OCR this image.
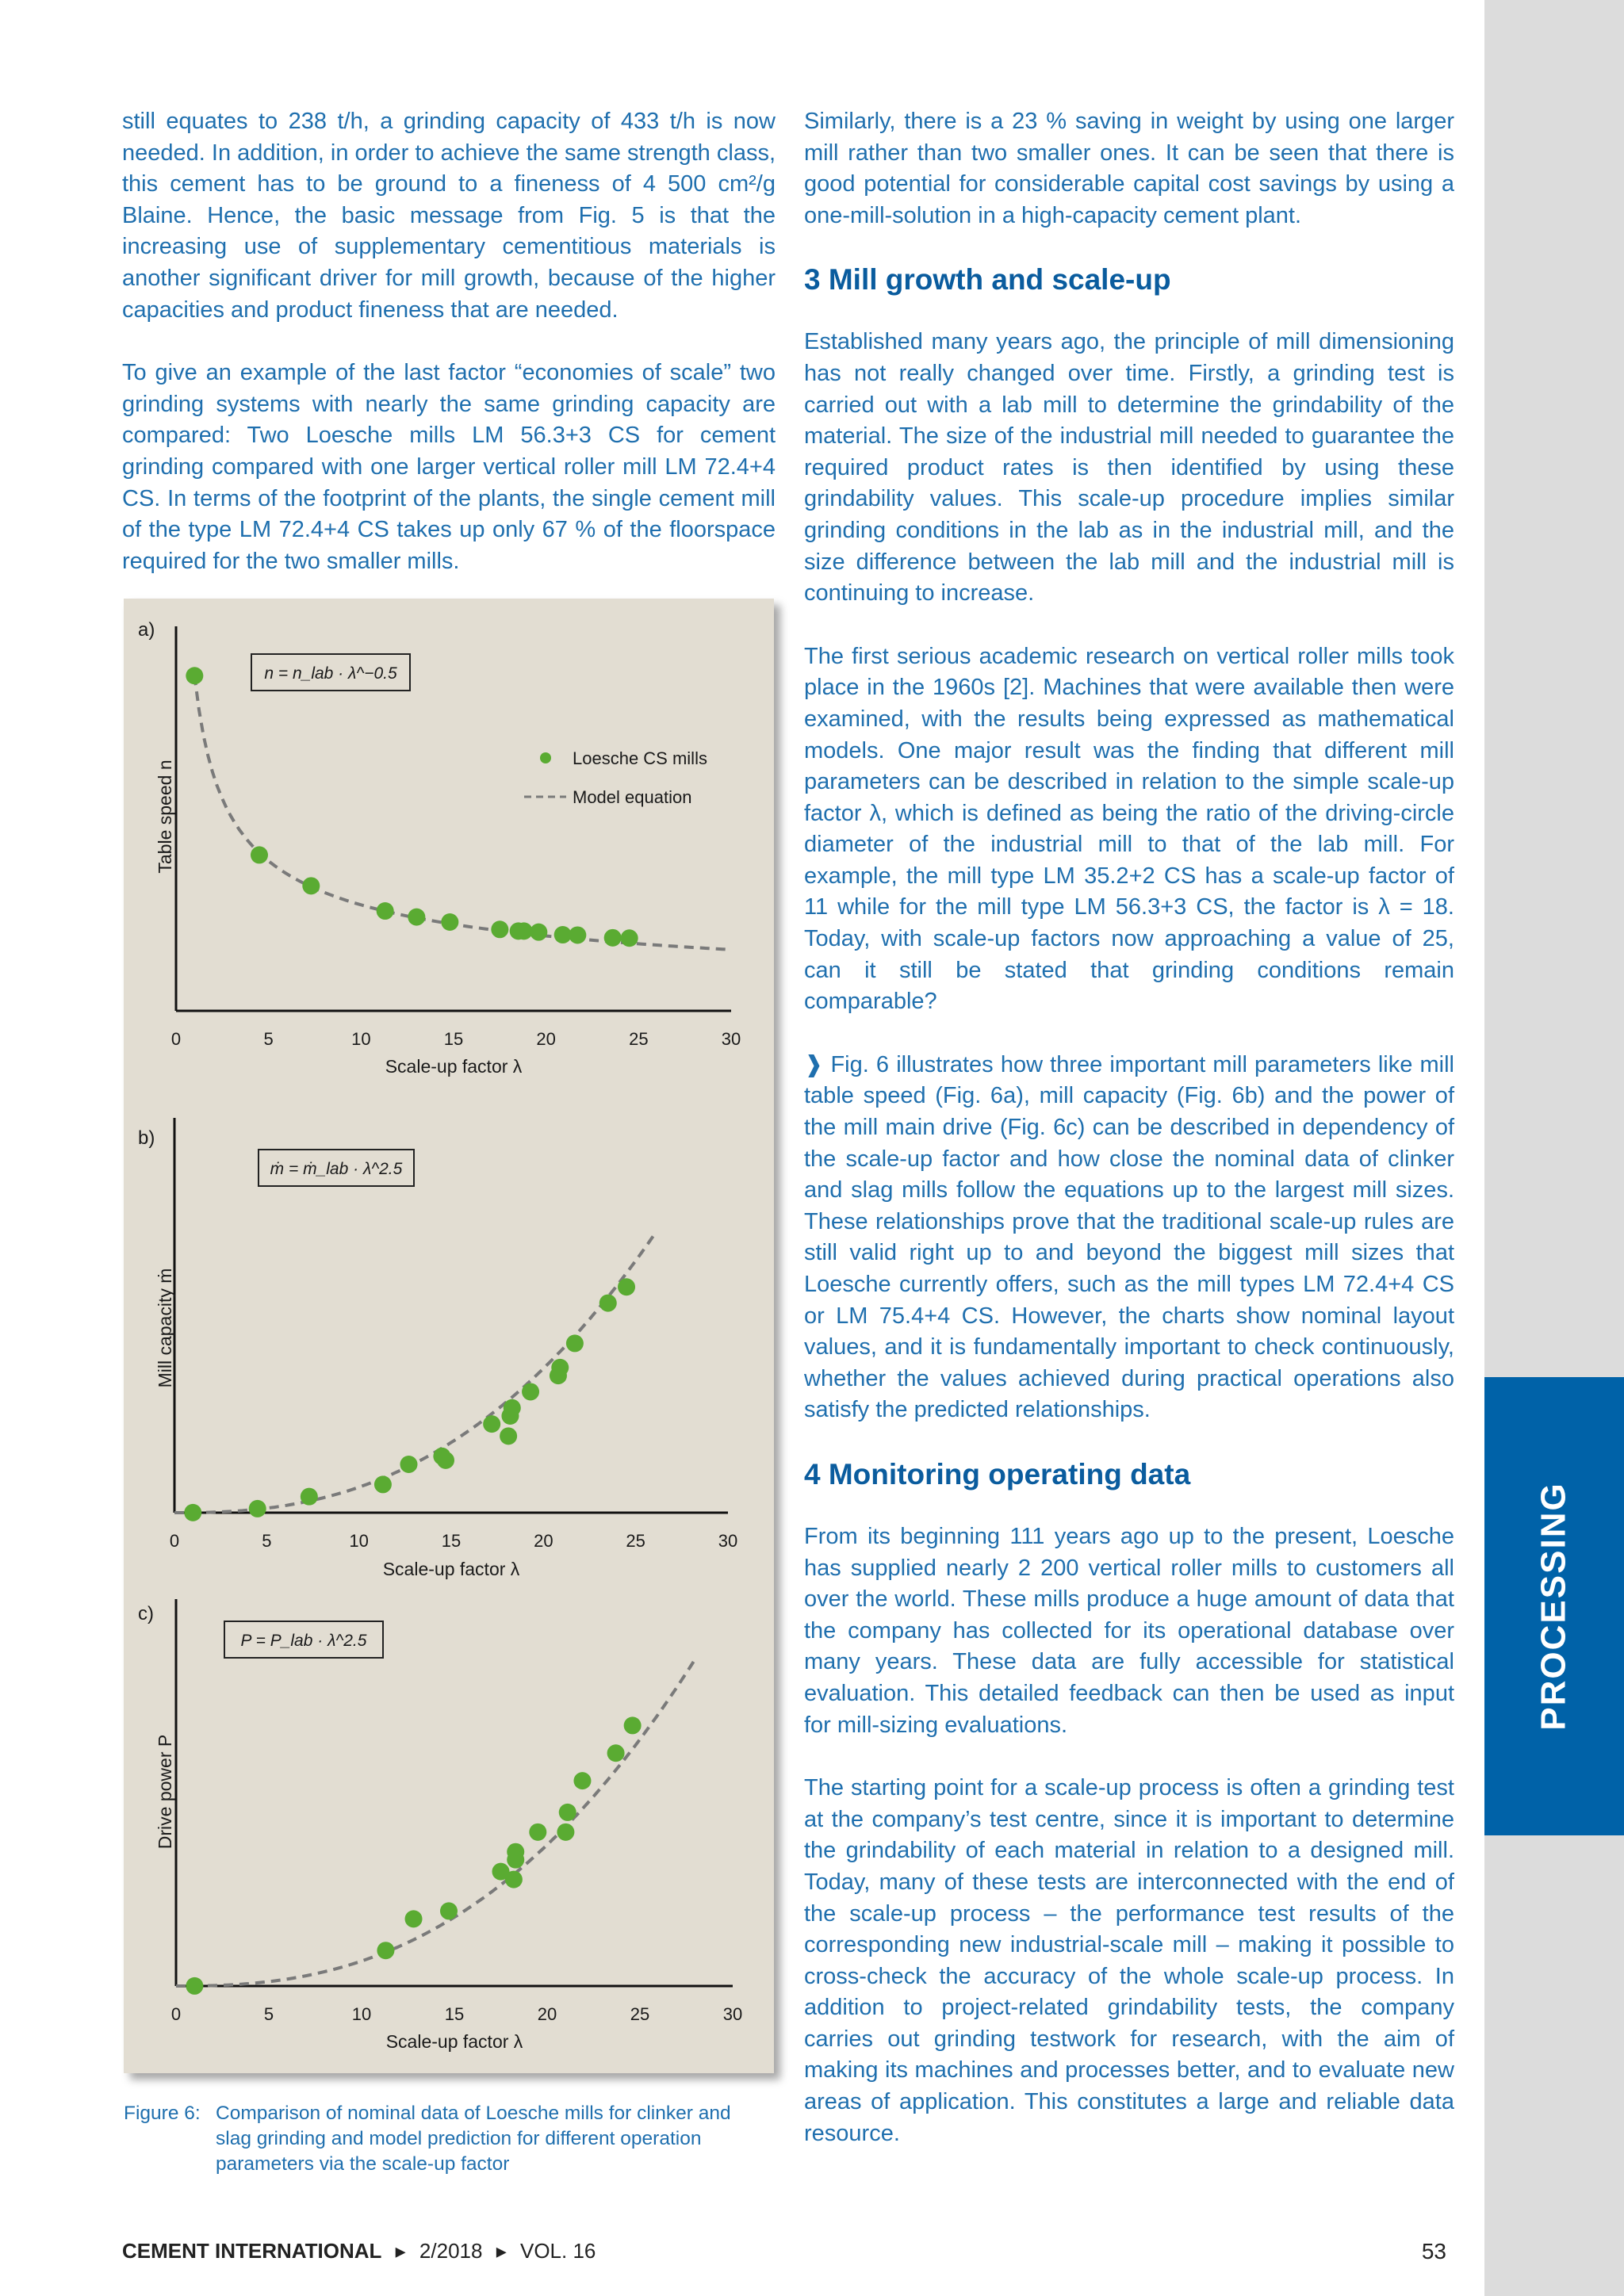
PROCESSING

still equates to 238 t/h, a grinding capacity of 433 t/h is now needed. In addition, in order to achieve the same strength class, this cement has to be ground to a fineness of 4 500 cm²/g Blaine. Hence, the basic message from Fig. 5 is that the increasing use of supplementary cementitious materials is another significant driver for mill growth, because of the higher capacities and product fineness that are needed.

To give an example of the last factor “economies of scale” two grinding systems with nearly the same grinding capacity are compared: Two Loesche mills LM 56.3+3 CS for cement grinding compared with one larger vertical roller mill LM 72.4+4 CS. In terms of the footprint of the plants, the single cement mill of the type LM 72.4+4 CS takes up only 67 % of the floorspace required for the two smaller mills.

Similarly, there is a 23 % saving in weight by using one larger mill rather than two smaller ones. It can be seen that there is good potential for considerable capital cost savings by using a one-mill-solution in a high-capacity cement plant.

3 Mill growth and scale-up

Established many years ago, the principle of mill dimensioning has not really changed over time. Firstly, a grinding test is carried out with a lab mill to determine the grindability of the material. The size of the industrial mill needed to guarantee the required product rates is then identified by using these grindability values. This scale-up procedure implies similar grinding conditions in the lab as in the industrial mill, and the size difference between the lab mill and the industrial mill is continuing to increase.

The first serious academic research on vertical roller mills took place in the 1960s [2]. Machines that were available then were examined, with the results being expressed as mathematical models. One major result was the finding that different mill parameters can be described in relation to the simple scale-up factor λ, which is defined as being the ratio of the driving-circle diameter of the industrial mill to that of the lab mill. For example, the mill type LM 35.2+2 CS has a scale-up factor of 11 while for the mill type LM 56.3+3 CS, the factor is λ = 18. Today, with scale-up factors now approaching a value of 25, can it still be stated that grinding conditions remain comparable?

❱ Fig. 6 illustrates how three important mill parameters like mill table speed (Fig. 6a), mill capacity (Fig. 6b) and the power of the mill main drive (Fig. 6c) can be described in dependency of the scale-up factor and how close the nominal data of clinker and slag mills follow the equations up to the largest mill sizes. These relationships prove that the traditional scale-up rules are still valid right up to and beyond the biggest mill sizes that Loesche currently offers, such as the mill types LM 72.4+4 CS or LM 75.4+4 CS. However, the charts show nominal layout values, and it is fundamentally important to check continuously, whether the values achieved during practical operations also satisfy the predicted relationships.

4 Monitoring operating data

From its beginning 111 years ago up to the present, Loesche has supplied nearly 2 200 vertical roller mills to customers all over the world. These mills produce a huge amount of data that the company has collected for its operational database over many years. These data are fully accessible for statistical evaluation. This detailed feedback can then be used as input for mill-sizing evaluations.

The starting point for a scale-up process is often a grinding test at the company’s test centre, since it is important to determine the grindability of each material in relation to a designed mill. Today, many of these tests are interconnected with the end of the scale-up process – the performance test results of the corresponding new industrial-scale mill – making it possible to cross-check the accuracy of the whole scale-up process. In addition to project-related grindability tests, the company carries out grinding testwork for research, with the aim of making its machines and processes better, and to evaluate new areas of application. This constitutes a large and reliable data resource.

0	5	10	15	20	25	30
Scale-up factor λ
Table speed n
a)
n = n_lab · λ^−0.5
Loesche CS mills
Model equation
0	5	10	15	20	25	30
Scale-up factor λ
Mill capacity ṁ
b)
ṁ = ṁ_lab · λ^2.5
0	5	10	15	20	25	30
Scale-up factor λ
Drive power P
c)
P = P_lab · λ^2.5
Figure 6: Comparison of nominal data of Loesche mills for clinker and slag grinding and model prediction for different operation parameters via the scale-up factor
CEMENT INTERNATIONAL ▸ 2/2018 ▸ VOL. 16	53
